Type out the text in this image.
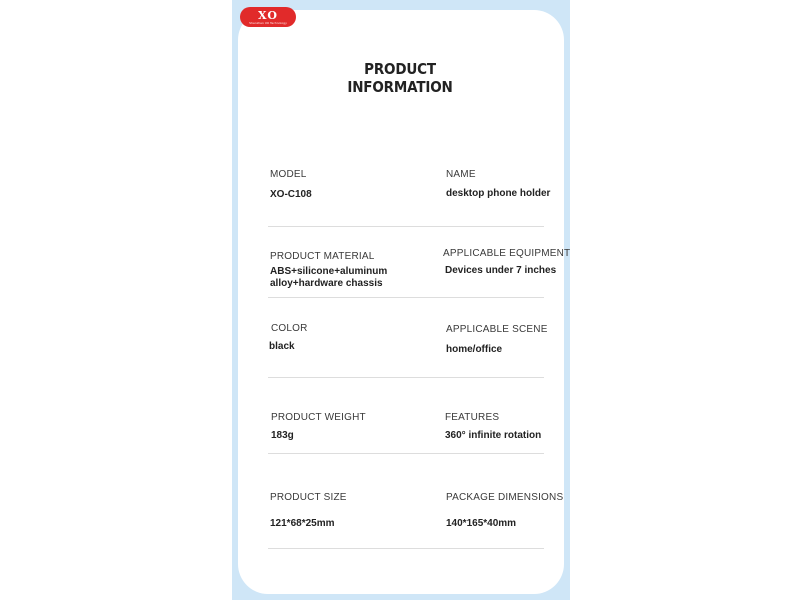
XO
Shenzhen XO Technology
PRODUCT INFORMATION
MODEL
XO-C108
NAME
desktop phone holder
PRODUCT MATERIAL
ABS+silicone+aluminum
alloy+hardware chassis
APPLICABLE EQUIPMENT
Devices under 7 inches
COLOR
black
APPLICABLE SCENE
home/office
PRODUCT WEIGHT
183g
FEATURES
360° infinite rotation
PRODUCT SIZE
121*68*25mm
PACKAGE DIMENSIONS
140*165*40mm
